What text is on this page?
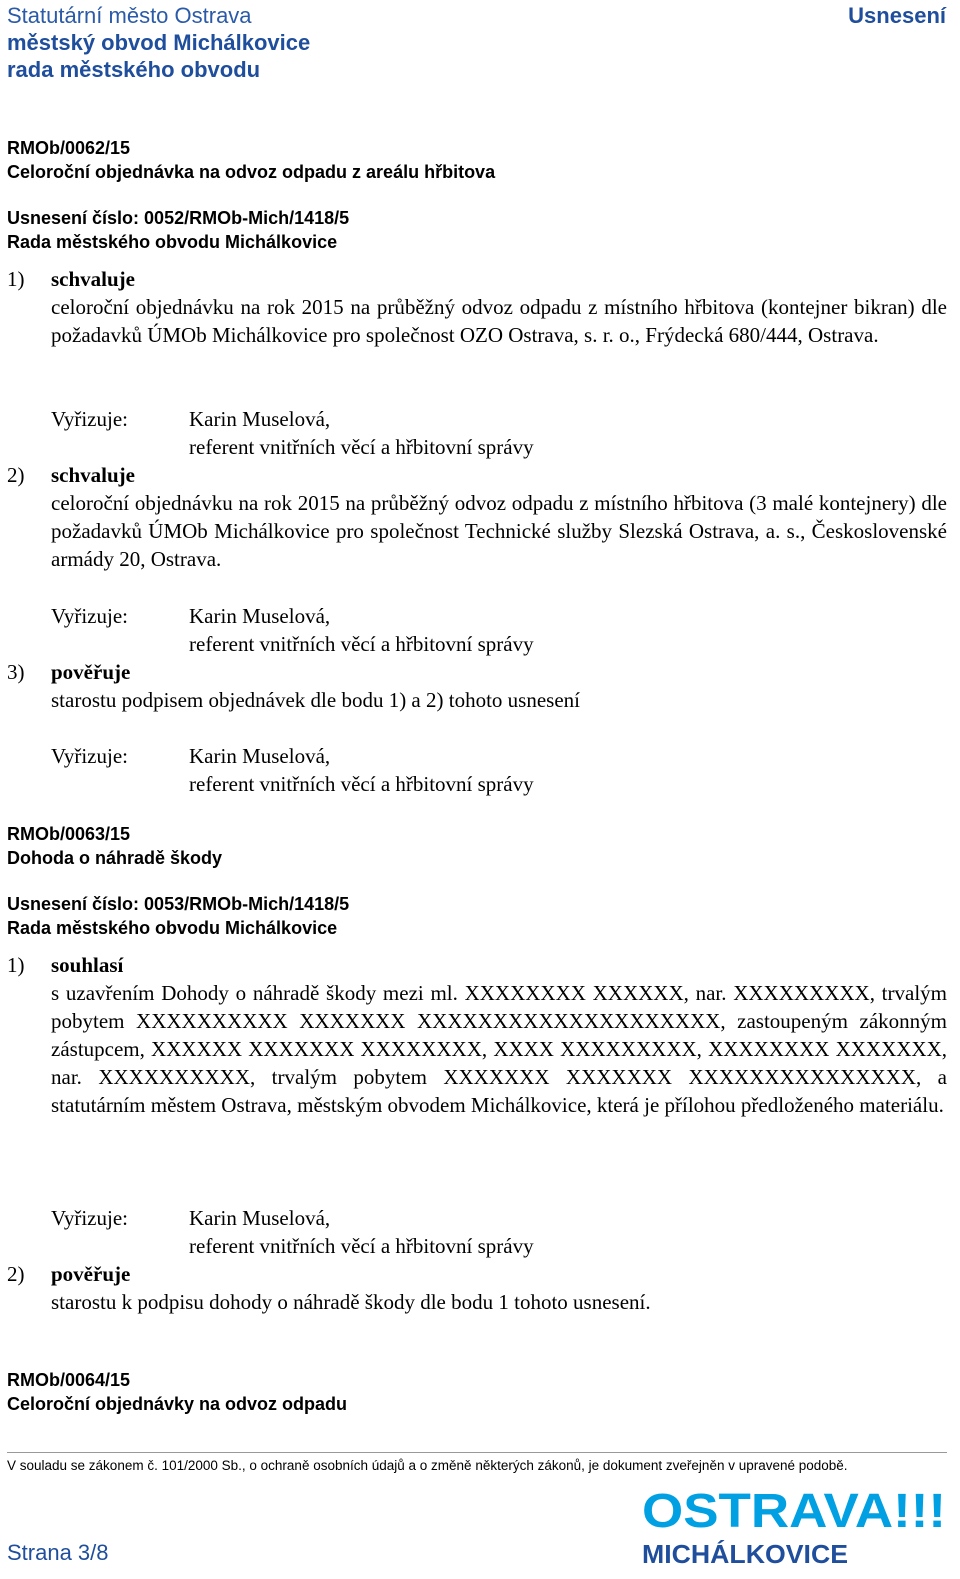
Statutární město Ostrava
městský obvod Michálkovice
rada městského obvodu
Usnesení
RMOb/0062/15
Celoroční objednávka na odvoz odpadu z areálu hřbitova
Usnesení číslo: 0052/RMOb-Mich/1418/5
Rada městského obvodu Michálkovice
1) schvaluje
celoroční objednávku na rok 2015 na průběžný odvoz odpadu z místního hřbitova (kontejner bikran) dle požadavků ÚMOb Michálkovice pro společnost OZO Ostrava, s. r. o., Frýdecká 680/444, Ostrava.
Vyřizuje:	Karin Muselová,
referent vnitřních věcí a hřbitovní správy
2) schvaluje
celoroční objednávku na rok 2015 na průběžný odvoz odpadu z místního hřbitova (3 malé kontejnery) dle požadavků ÚMOb Michálkovice pro společnost Technické služby Slezská Ostrava, a. s., Československé armády 20, Ostrava.
Vyřizuje:	Karin Muselová,
referent vnitřních věcí a hřbitovní správy
3) pověřuje
starostu podpisem objednávek dle bodu 1) a 2) tohoto usnesení
Vyřizuje:	Karin Muselová,
referent vnitřních věcí a hřbitovní správy
RMOb/0063/15
Dohoda o náhradě škody
Usnesení číslo: 0053/RMOb-Mich/1418/5
Rada městského obvodu Michálkovice
1) souhlasí
s uzavřením Dohody o náhradě škody mezi ml. XXXXXXXX XXXXXX, nar. XXXXXXXXX, trvalým pobytem XXXXXXXXXX XXXXXXX XXXXXXXXXXXXXXXXXXXX, zastoupeným zákonným zástupcem, XXXXXX XXXXXXX XXXXXXXX, XXXX XXXXXXXXX, XXXXXXXX XXXXXXX, nar. XXXXXXXXXX, trvalým pobytem XXXXXXX XXXXXXX XXXXXXXXXXXXXXX, a statutárním městem Ostrava, městským obvodem Michálkovice, která je přílohou předloženého materiálu.
Vyřizuje:	Karin Muselová,
referent vnitřních věcí a hřbitovní správy
2) pověřuje
starostu k podpisu dohody o náhradě škody dle bodu 1 tohoto usnesení.
RMOb/0064/15
Celoroční objednávky na odvoz odpadu
V souladu se zákonem č. 101/2000 Sb., o ochraně osobních údajů a o změně některých zákonů, je dokument zveřejněn v upravené podobě.
Strana 3/8
OSTRAVA!!!
MICHÁLKOVICE
